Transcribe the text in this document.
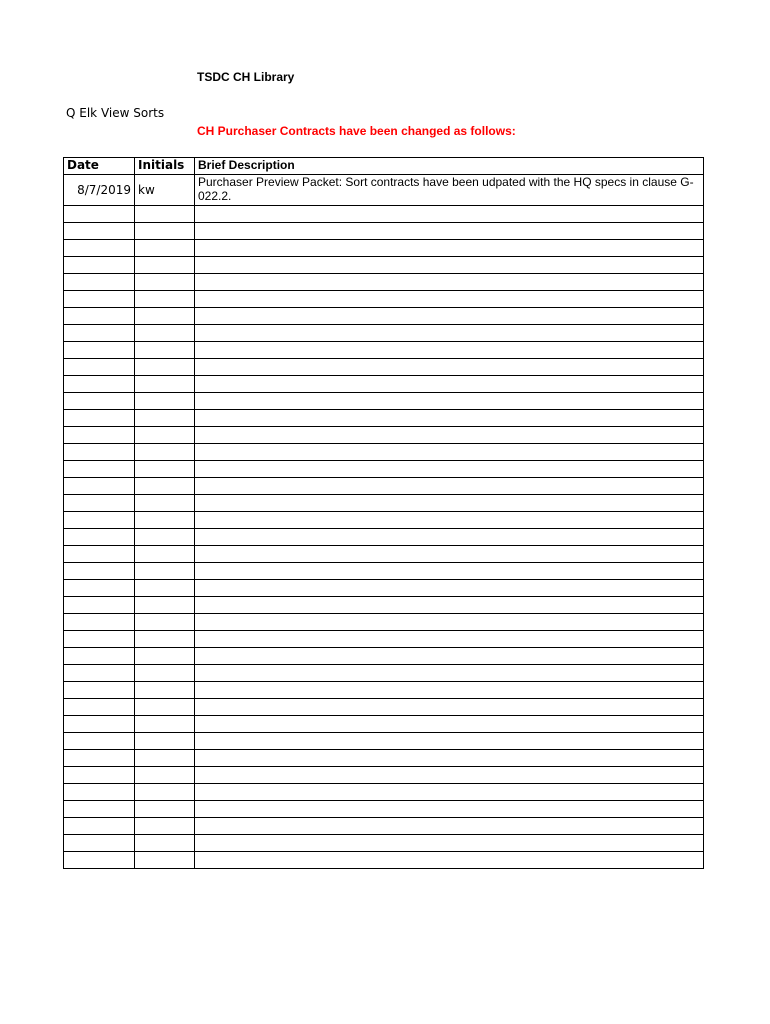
TSDC CH Library
Q Elk View Sorts
CH Purchaser Contracts have been changed as follows:
Date	Initials	Brief Description
8/7/2019	kw	Purchaser Preview Packet: Sort contracts have been udpated with the HQ specs in clause G-022.2.
